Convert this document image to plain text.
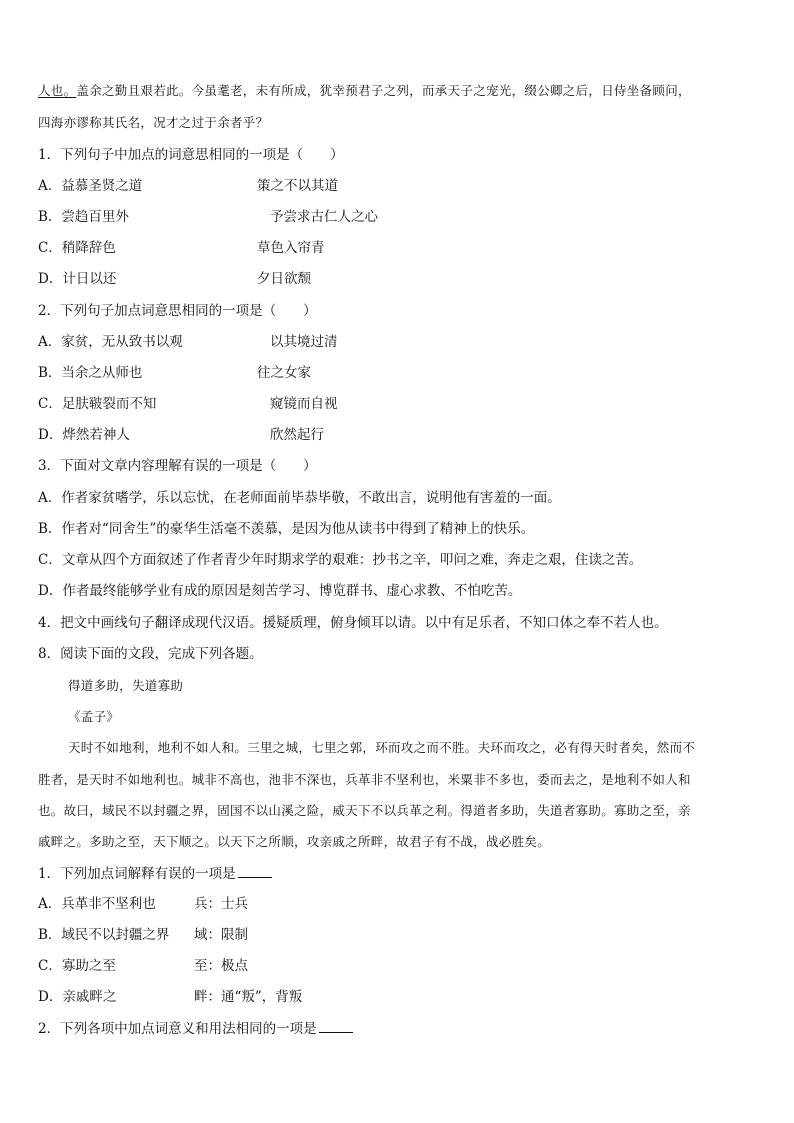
人也。盖余之勤且艰若此。今虽耄老，未有所成，犹幸预君子之列，而承天子之宠光，缀公卿之后，日侍坐备顾问，
四海亦谬称其氏名，况才之过于余者乎？
1．下列句子中加点的词意思相同的一项是（　　）
A．益慕圣贤之道	策之不以其道
B．尝趋百里外	予尝求古仁人之心
C．稍降辞色	草色入帘青
D．计日以还	夕日欲颓
2．下列句子加点词意思相同的一项是（　　）
A．家贫，无从致书以观	以其境过清
B．当余之从师也	往之女家
C．足肤皲裂而不知	窥镜而自视
D．烨然若神人	欣然起行
3．下面对文章内容理解有误的一项是（　　）
A．作者家贫嗜学，乐以忘忧，在老师面前毕恭毕敬，不敢出言，说明他有害羞的一面。
B．作者对“同舍生”的豪华生活毫不羡慕，是因为他从读书中得到了精神上的快乐。
C．文章从四个方面叙述了作者青少年时期求学的艰难：抄书之辛，叩问之难，奔走之艰，住读之苦。
D．作者最终能够学业有成的原因是刻苦学习、博览群书、虚心求教、不怕吃苦。
4．把文中画线句子翻译成现代汉语。援疑质理，俯身倾耳以请。以中有足乐者，不知口体之奉不若人也。
8．阅读下面的文段，完成下列各题。
得道多助，失道寡助
《孟子》
天时不如地利，地利不如人和。三里之城，七里之郭，环而攻之而不胜。夫环而攻之，必有得天时者矣，然而不
胜者，是天时不如地利也。城非不高也，池非不深也，兵革非不坚利也，米粟非不多也，委而去之，是地利不如人和
也。故曰，域民不以封疆之界，固国不以山溪之险，威天下不以兵革之利。得道者多助，失道者寡助。寡助之至，亲
戚畔之。多助之至，天下顺之。以天下之所顺，攻亲戚之所畔，故君子有不战，战必胜矣。
1．下列加点词解释有误的一项是
A．兵革非不坚利也	兵：士兵
B．域民不以封疆之界 域：限制
C．寡助之至	至：极点
D．亲戚畔之	畔：通“叛”，背叛
2．下列各项中加点词意义和用法相同的一项是
